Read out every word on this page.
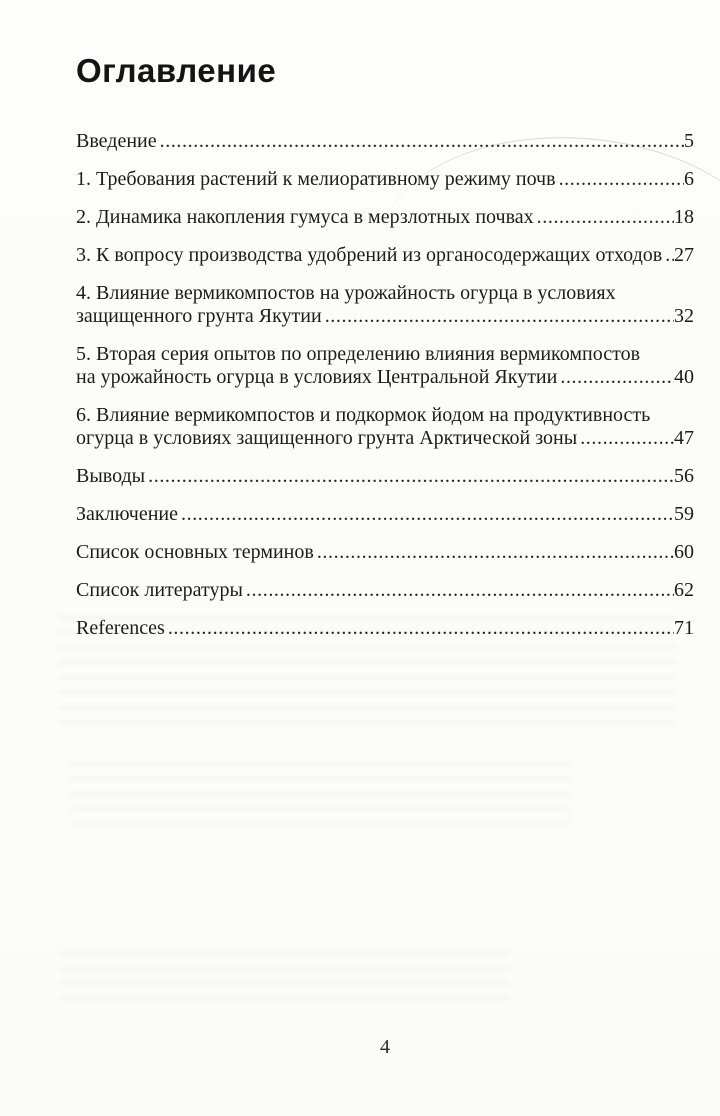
Оглавление
Введение .....	5
1. Требования растений к мелиоративному режиму почв .....	6
2. Динамика накопления гумуса в мерзлотных почвах .....	18
3. К вопросу производства удобрений из органосодержащих отходов ..... 27
4. Влияние вермикомпостов на урожайность огурца в условиях
защищенного грунта Якутии .....	32
5. Вторая серия опытов по определению влияния вермикомпостов
на урожайность огурца в условиях Центральной Якутии .....	40
6. Влияние вермикомпостов и подкормок йодом на продуктивность
огурца в условиях защищенного грунта Арктической зоны .....	47
Выводы .....	56
Заключение .....	59
Список основных терминов .....	60
Список литературы .....	62
References .....	71
4
